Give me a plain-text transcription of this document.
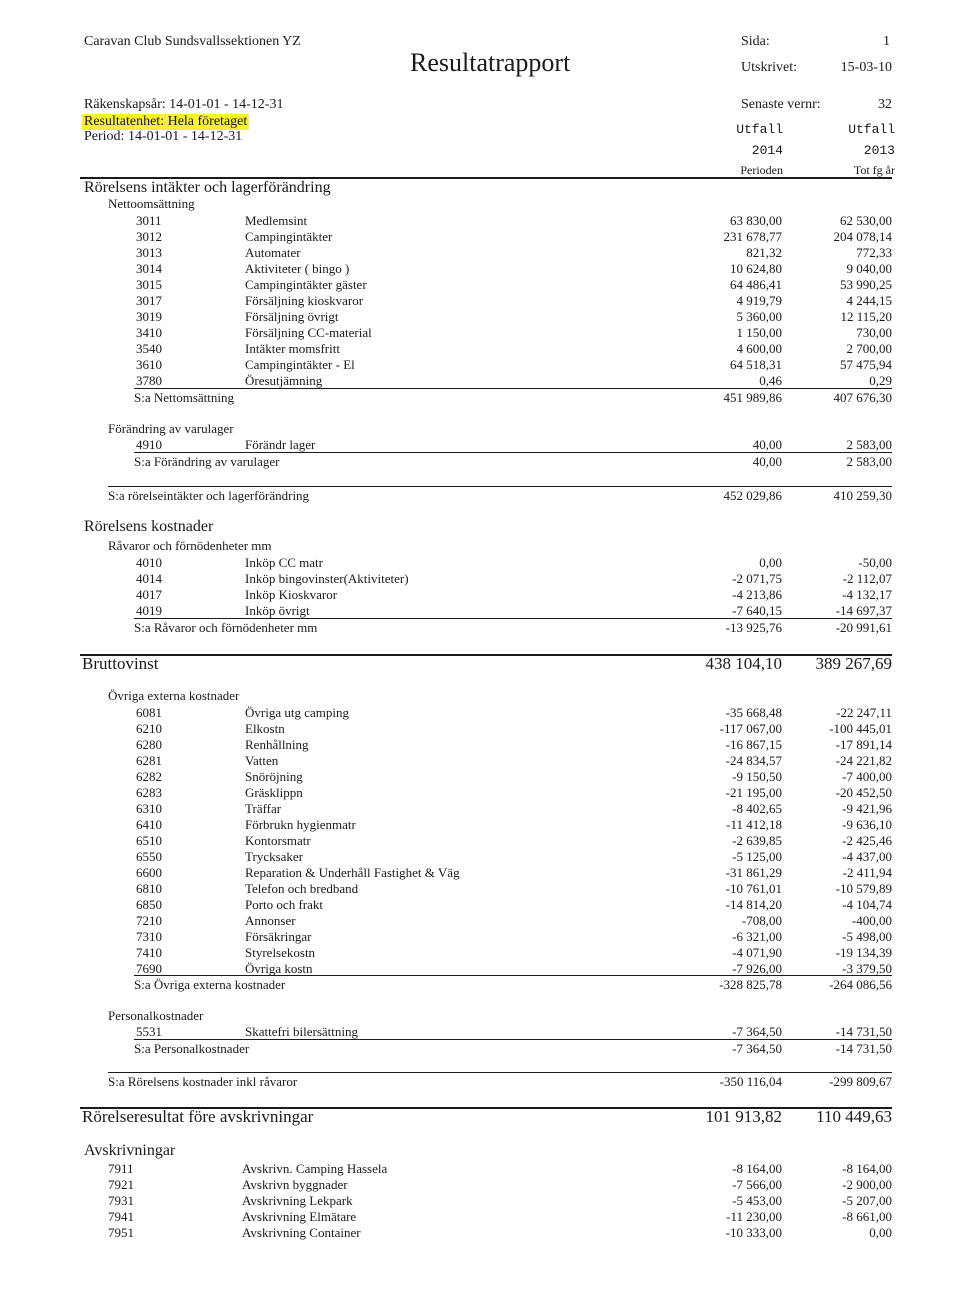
Caravan Club Sundsvallssektionen YZ
Resultatrapport
Sida:	1
Utskrivet:	15-03-10
Räkenskapsår: 14-01-01 - 14-12-31
Resultatenhet: Hela företaget
Period: 14-01-01 - 14-12-31
Senaste vernr:	32
Utfall
2014
Perioden
Utfall
2013
Tot fg år
Rörelsens intäkter och lagerförändring
Nettoomsättning
3011	Medlemsint	63 830,00	62 530,00
3012	Campingintäkter	231 678,77	204 078,14
3013	Automater	821,32	772,33
3014	Aktiviteter ( bingo )	10 624,80	9 040,00
3015	Campingintäkter gäster	64 486,41	53 990,25
3017	Försäljning kioskvaror	4 919,79	4 244,15
3019	Försäljning övrigt	5 360,00	12 115,20
3410	Försäljning CC-material	1 150,00	730,00
3540	Intäkter momsfritt	4 600,00	2 700,00
3610	Campingintäkter - El	64 518,31	57 475,94
3780	Öresutjämning	0,46	0,29
S:a Nettomsättning	451 989,86	407 676,30
Förändring av varulager
4910	Förändr lager	40,00	2 583,00
S:a Förändring av varulager	40,00	2 583,00
S:a rörelseintäkter och lagerförändring	452 029,86	410 259,30
Rörelsens kostnader
Råvaror och förnödenheter mm
4010	Inköp CC matr	0,00	-50,00
4014	Inköp bingovinster(Aktiviteter)	-2 071,75	-2 112,07
4017	Inköp Kioskvaror	-4 213,86	-4 132,17
4019	Inköp övrigt	-7 640,15	-14 697,37
S:a Råvaror och förnödenheter mm	-13 925,76	-20 991,61
Bruttovinst	438 104,10	389 267,69
Övriga externa kostnader
6081	Övriga utg camping	-35 668,48	-22 247,11
6210	Elkostn	-117 067,00	-100 445,01
6280	Renhållning	-16 867,15	-17 891,14
6281	Vatten	-24 834,57	-24 221,82
6282	Snöröjning	-9 150,50	-7 400,00
6283	Gräsklippn	-21 195,00	-20 452,50
6310	Träffar	-8 402,65	-9 421,96
6410	Förbrukn hygienmatr	-11 412,18	-9 636,10
6510	Kontorsmatr	-2 639,85	-2 425,46
6550	Trycksaker	-5 125,00	-4 437,00
6600	Reparation & Underhåll Fastighet & Väg	-31 861,29	-2 411,94
6810	Telefon och bredband	-10 761,01	-10 579,89
6850	Porto och frakt	-14 814,20	-4 104,74
7210	Annonser	-708,00	-400,00
7310	Försäkringar	-6 321,00	-5 498,00
7410	Styrelsekostn	-4 071,90	-19 134,39
7690	Övriga kostn	-7 926,00	-3 379,50
S:a Övriga externa kostnader	-328 825,78	-264 086,56
Personalkostnader
5531	Skattefri bilersättning	-7 364,50	-14 731,50
S:a Personalkostnader	-7 364,50	-14 731,50
S:a Rörelsens kostnader inkl råvaror	-350 116,04	-299 809,67
Rörelseresultat före avskrivningar	101 913,82	110 449,63
Avskrivningar
7911	Avskrivn. Camping Hassela	-8 164,00	-8 164,00
7921	Avskrivn byggnader	-7 566,00	-2 900,00
7931	Avskrivning Lekpark	-5 453,00	-5 207,00
7941	Avskrivning Elmätare	-11 230,00	-8 661,00
7951	Avskrivning Container	-10 333,00	0,00
